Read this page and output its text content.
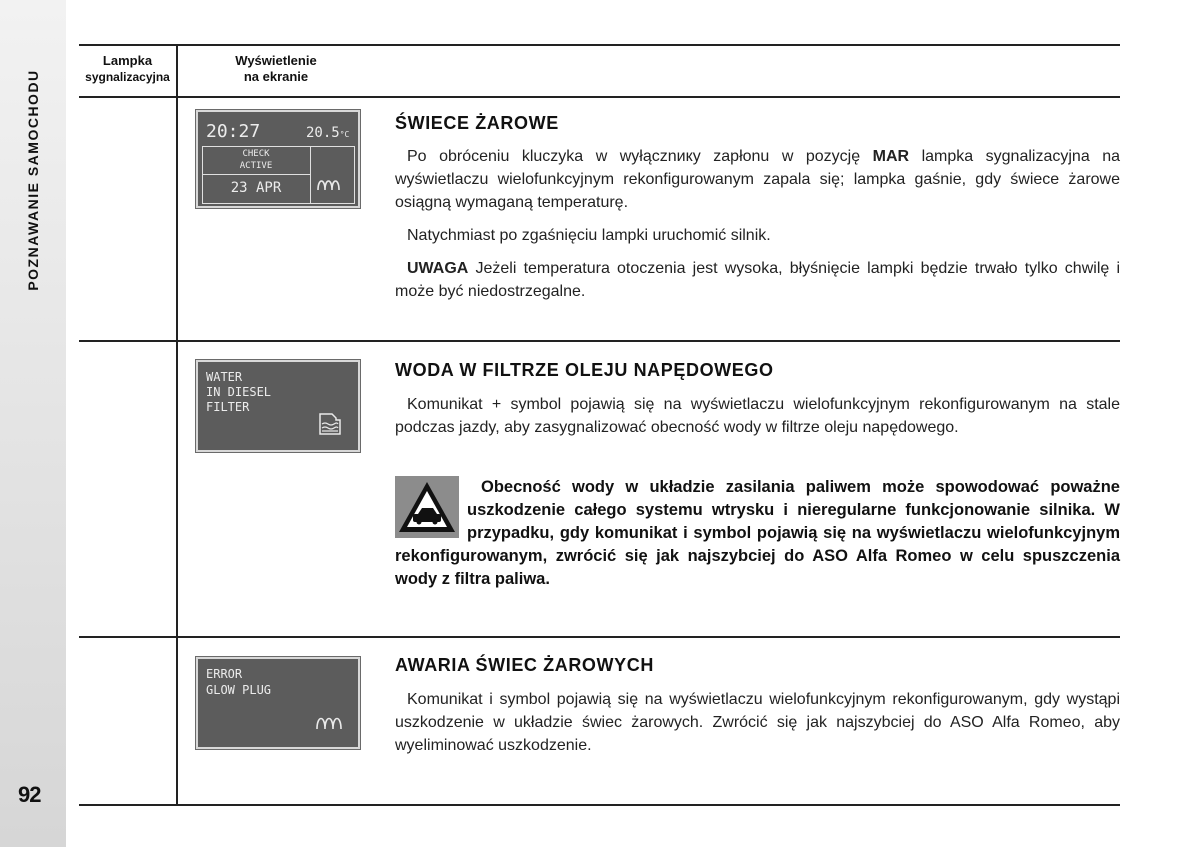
POZNAWANIE SAMOCHODU
92
Lampka
sygnalizacyjna
Wyświetlenie
na ekranie
20:27	20.5°C
CHECK
ACTIVE
23 APR
ŚWIECE ŻAROWE

Po obróceniu kluczyka w wyłącznику zapłonu w pozycję MAR lampka sygnalizacyjna na wyświetlaczu wielofunkcyjnym rekonfigurowanym zapala się; lampka gaśnie, gdy świece żarowe osiągną wymaganą temperaturę.

Natychmiast po zgaśnięciu lampki uruchomić silnik.

UWAGA Jeżeli temperatura otoczenia jest wysoka, błyśnięcie lampki będzie trwało tylko chwilę i może być niedostrzegalne.

WATER
IN DIESEL
FILTER
WODA W FILTRZE OLEJU NAPĘDOWEGO

Komunikat + symbol pojawią się na wyświetlaczu wielofunkcyjnym rekonfigurowanym na stale podczas jazdy, aby zasygnalizować obecność wody w filtrze oleju napędowego.

Obecność wody w układzie zasilania paliwem może spowodować poważne uszkodzenie całego systemu wtrysku i nieregularne funkcjonowanie silnika. W przypadku, gdy komunikat i symbol pojawią się na wyświetlaczu wielofunkcyjnym rekonfigurowanym, zwrócić się jak najszybciej do ASO Alfa Romeo w celu spuszczenia wody z filtra paliwa.
ERROR
GLOW PLUG
AWARIA ŚWIEC ŻAROWYCH

Komunikat i symbol pojawią się na wyświetlaczu wielofunkcyjnym rekonfigurowanym, gdy wystąpi uszkodzenie w układzie świec żarowych. Zwrócić się jak najszybciej do ASO Alfa Romeo, aby wyeliminować uszkodzenie.
